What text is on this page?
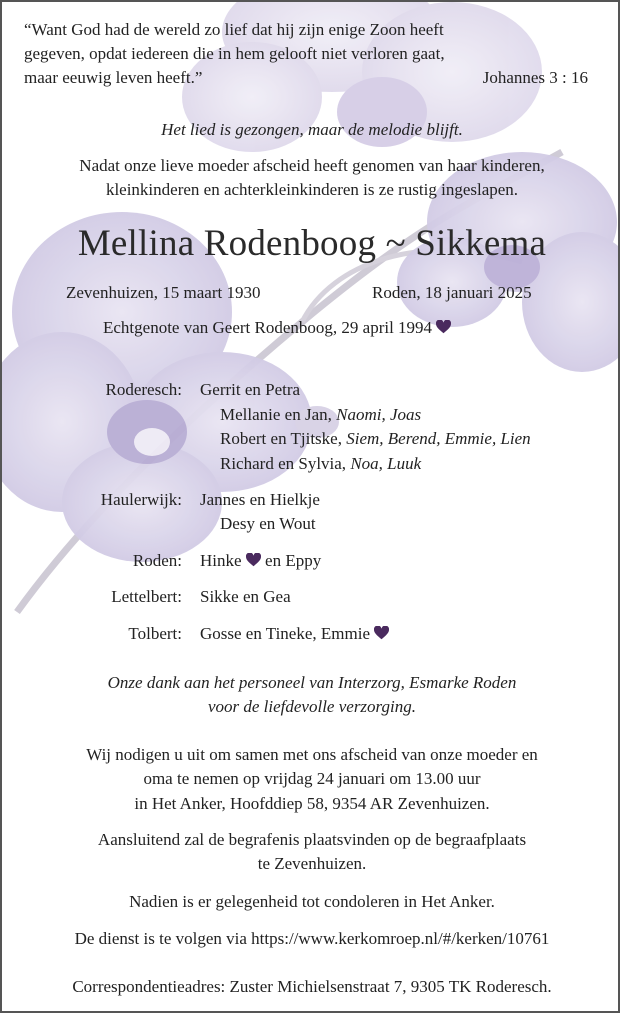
“Want God had de wereld zo lief dat hij zijn enige Zoon heeft
gegeven, opdat iedereen die in hem gelooft niet verloren gaat,
maar eeuwig leven heeft.”	Johannes 3 : 16
Het lied is gezongen, maar de melodie blijft.
Nadat onze lieve moeder afscheid heeft genomen van haar kinderen,
kleinkinderen en achterkleinkinderen is ze rustig ingeslapen.
Mellina Rodenboog ~ Sikkema
Zevenhuizen, 15 maart 1930	Roden, 18 januari 2025
Echtgenote van Geert Rodenboog, 29 april 1994
Roderesch: Gerrit en Petra
Mellanie en Jan, Naomi, Joas
Robert en Tjitske, Siem, Berend, Emmie, Lien
Richard en Sylvia, Noa, Luuk
Haulerwijk: Jannes en Hielkje
Desy en Wout
Roden: Hinke en Eppy
Lettelbert: Sikke en Gea
Tolbert: Gosse en Tineke, Emmie
Onze dank aan het personeel van Interzorg, Esmarke Roden
voor de liefdevolle verzorging.
Wij nodigen u uit om samen met ons afscheid van onze moeder en
oma te nemen op vrijdag 24 januari om 13.00 uur
in Het Anker, Hoofddiep 58, 9354 AR Zevenhuizen.
Aansluitend zal de begrafenis plaatsvinden op de begraafplaats
te Zevenhuizen.
Nadien is er gelegenheid tot condoleren in Het Anker.
De dienst is te volgen via https://www.kerkomroep.nl/#/kerken/10761
Correspondentieadres: Zuster Michielsenstraat 7, 9305 TK Roderesch.
